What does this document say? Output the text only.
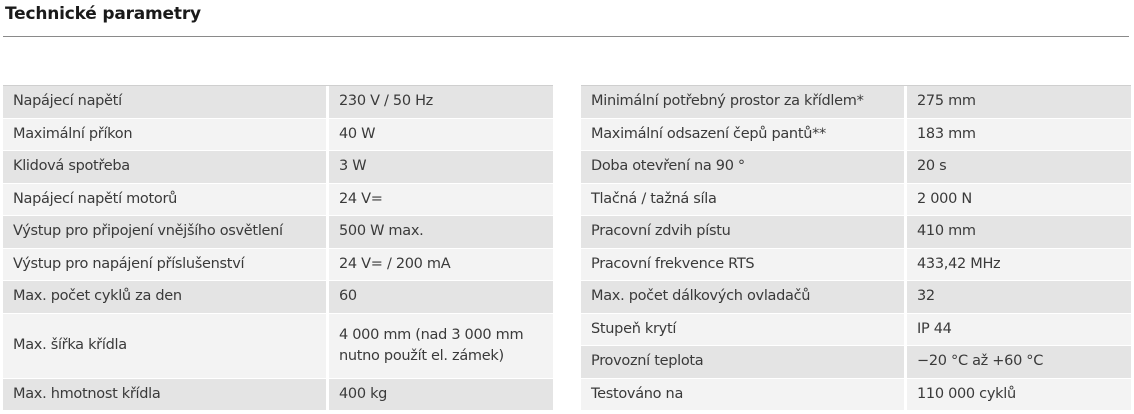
Technické parametry
Napájecí napětí	230 V / 50 Hz
Maximální příkon	40 W
Klidová spotřeba	3 W
Napájecí napětí motorů	24 V=
Výstup pro připojení vnějšího osvětlení	500 W max.
Výstup pro napájení příslušenství	24 V= / 200 mA
Max. počet cyklů za den	60
Max. šířka křídla	4 000 mm (nad 3 000 mm nutno použít el. zámek)
Max. hmotnost křídla	400 kg
Minimální potřebný prostor za křídlem*	275 mm
Maximální odsazení čepů pantů**	183 mm
Doba otevření na 90 °	20 s
Tlačná / tažná síla	2 000 N
Pracovní zdvih pístu	410 mm
Pracovní frekvence RTS	433,42 MHz
Max. počet dálkových ovladačů	32
Stupeň krytí	IP 44
Provozní teplota	−20 °C až +60 °C
Testováno na	110 000 cyklů
